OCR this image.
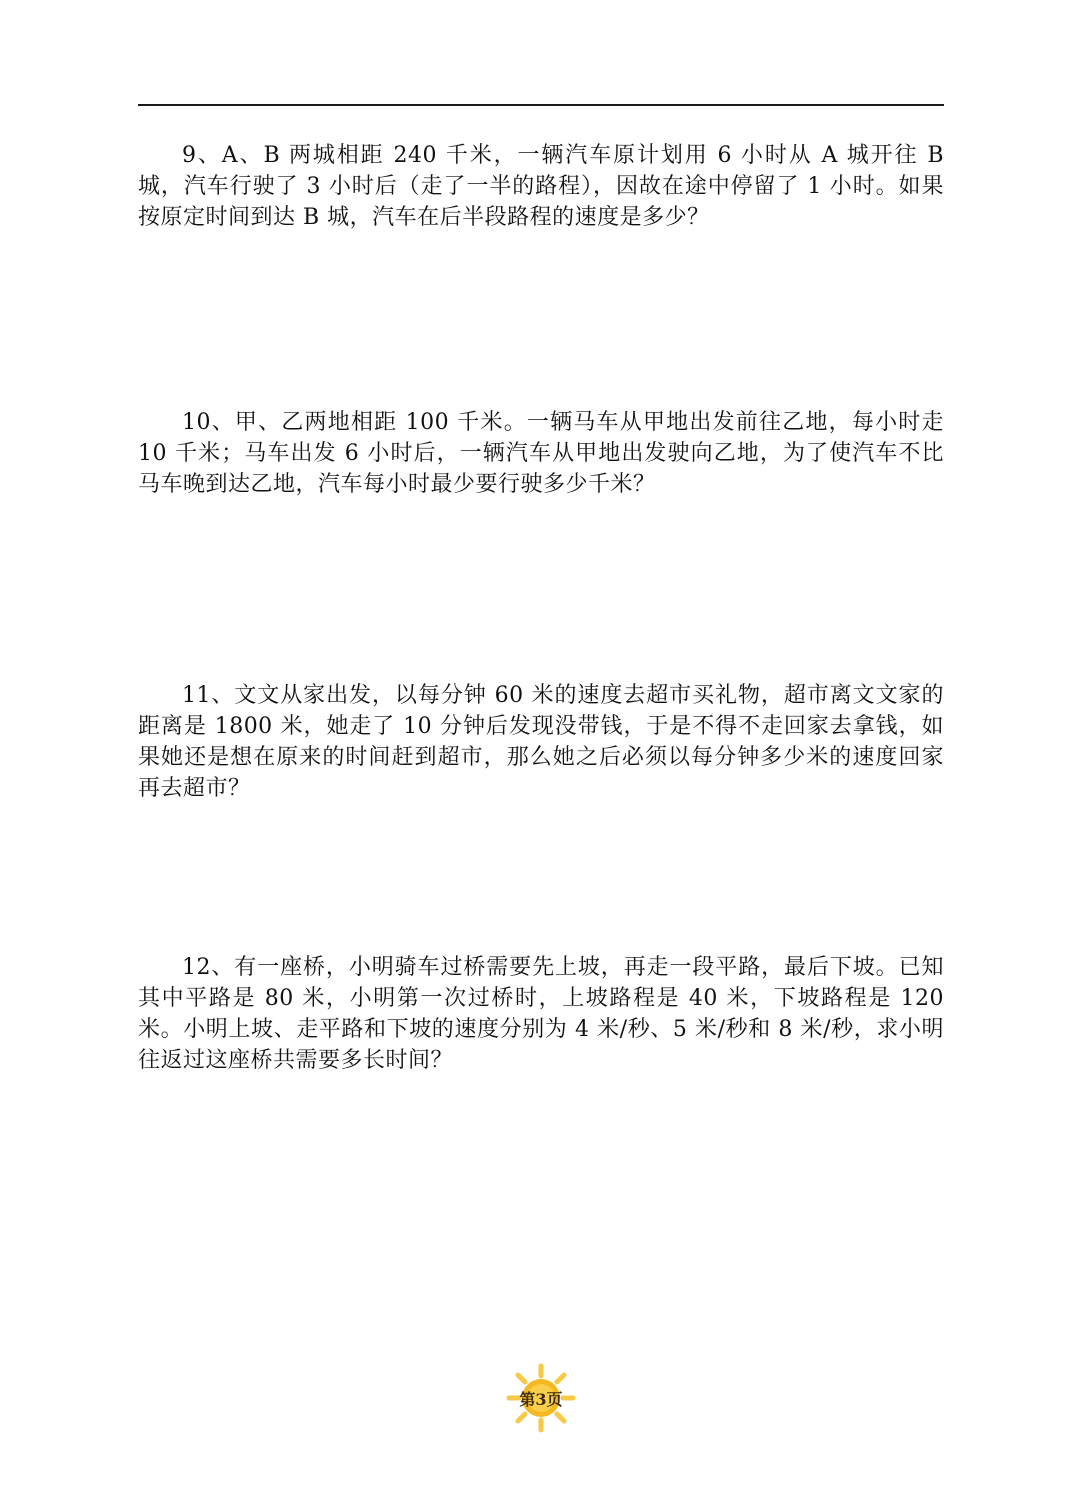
9、A、B 两城相距 240 千米，一辆汽车原计划用 6 小时从 A 城开往 B 城，汽车行驶了 3 小时后（走了一半的路程），因故在途中停留了 1 小时。如果按原定时间到达 B 城，汽车在后半段路程的速度是多少？

10、甲、乙两地相距 100 千米。一辆马车从甲地出发前往乙地，每小时走 10 千米；马车出发 6 小时后，一辆汽车从甲地出发驶向乙地，为了使汽车不比马车晚到达乙地，汽车每小时最少要行驶多少千米？

11、文文从家出发，以每分钟 60 米的速度去超市买礼物，超市离文文家的距离是 1800 米，她走了 10 分钟后发现没带钱，于是不得不走回家去拿钱，如果她还是想在原来的时间赶到超市，那么她之后必须以每分钟多少米的速度回家再去超市？

12、有一座桥，小明骑车过桥需要先上坡，再走一段平路，最后下坡。已知其中平路是 80 米，小明第一次过桥时，上坡路程是 40 米，下坡路程是 120 米。小明上坡、走平路和下坡的速度分别为 4 米/秒、5 米/秒和 8 米/秒，求小明往返过这座桥共需要多长时间？

第3页
